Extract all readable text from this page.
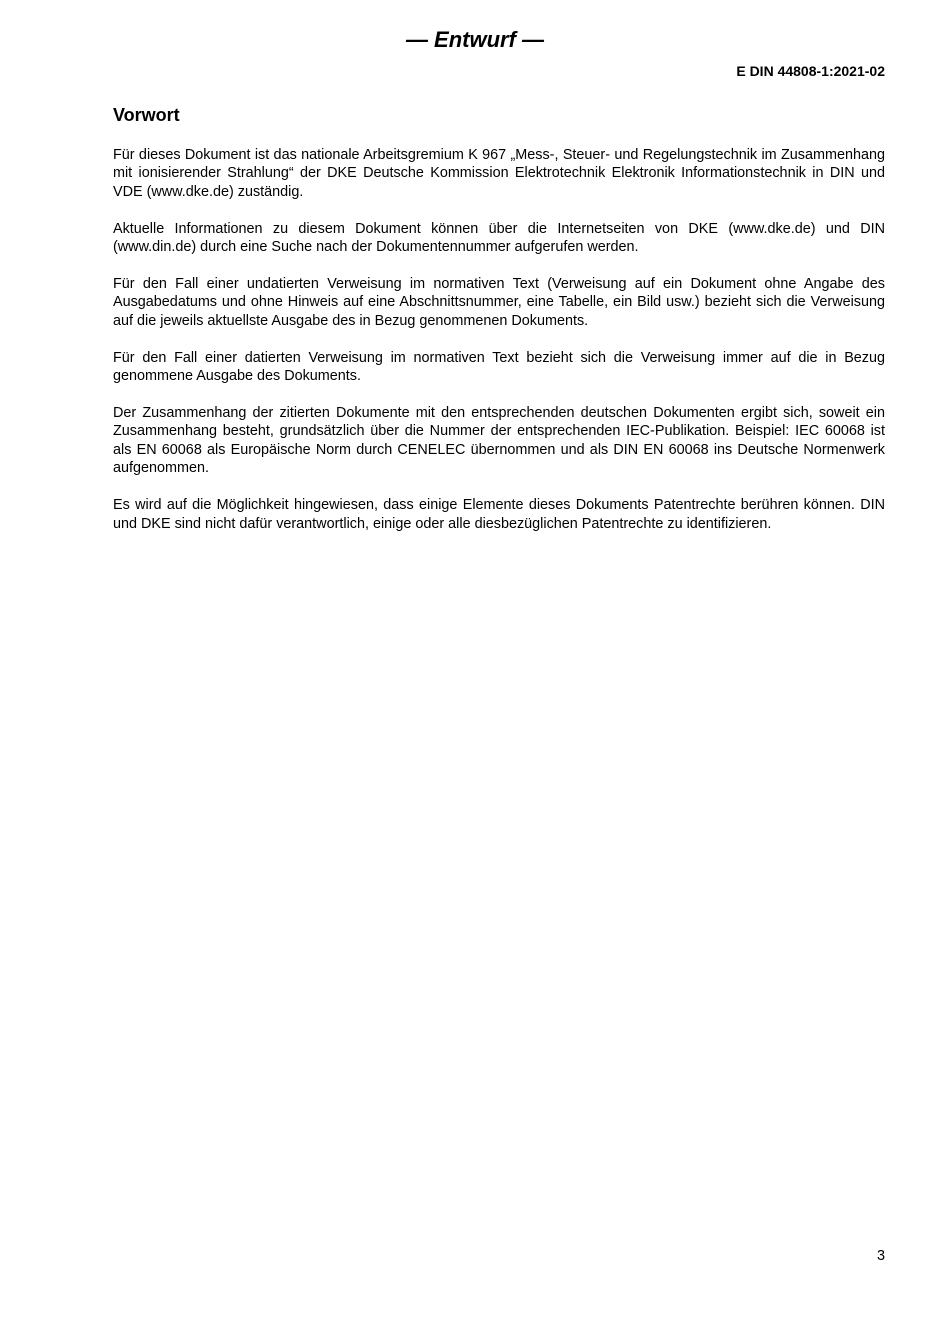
— Entwurf —
E DIN 44808-1:2021-02
Vorwort

Für dieses Dokument ist das nationale Arbeitsgremium K 967 „Mess-, Steuer- und Regelungstechnik im Zusammenhang mit ionisierender Strahlung“ der DKE Deutsche Kommission Elektrotechnik Elektronik Informationstechnik in DIN und VDE (www.dke.de) zuständig.

Aktuelle Informationen zu diesem Dokument können über die Internetseiten von DKE (www.dke.de) und DIN (www.din.de) durch eine Suche nach der Dokumentennummer aufgerufen werden.

Für den Fall einer undatierten Verweisung im normativen Text (Verweisung auf ein Dokument ohne Angabe des Ausgabedatums und ohne Hinweis auf eine Abschnittsnummer, eine Tabelle, ein Bild usw.) bezieht sich die Verweisung auf die jeweils aktuellste Ausgabe des in Bezug genommenen Dokuments.

Für den Fall einer datierten Verweisung im normativen Text bezieht sich die Verweisung immer auf die in Bezug genommene Ausgabe des Dokuments.

Der Zusammenhang der zitierten Dokumente mit den entsprechenden deutschen Dokumenten ergibt sich, soweit ein Zusammenhang besteht, grundsätzlich über die Nummer der entsprechenden IEC-Publikation. Beispiel: IEC 60068 ist als EN 60068 als Europäische Norm durch CENELEC übernommen und als DIN EN 60068 ins Deutsche Normenwerk aufgenommen.

Es wird auf die Möglichkeit hingewiesen, dass einige Elemente dieses Dokuments Patentrechte berühren können. DIN und DKE sind nicht dafür verantwortlich, einige oder alle diesbezüglichen Patentrechte zu identifizieren.

3
